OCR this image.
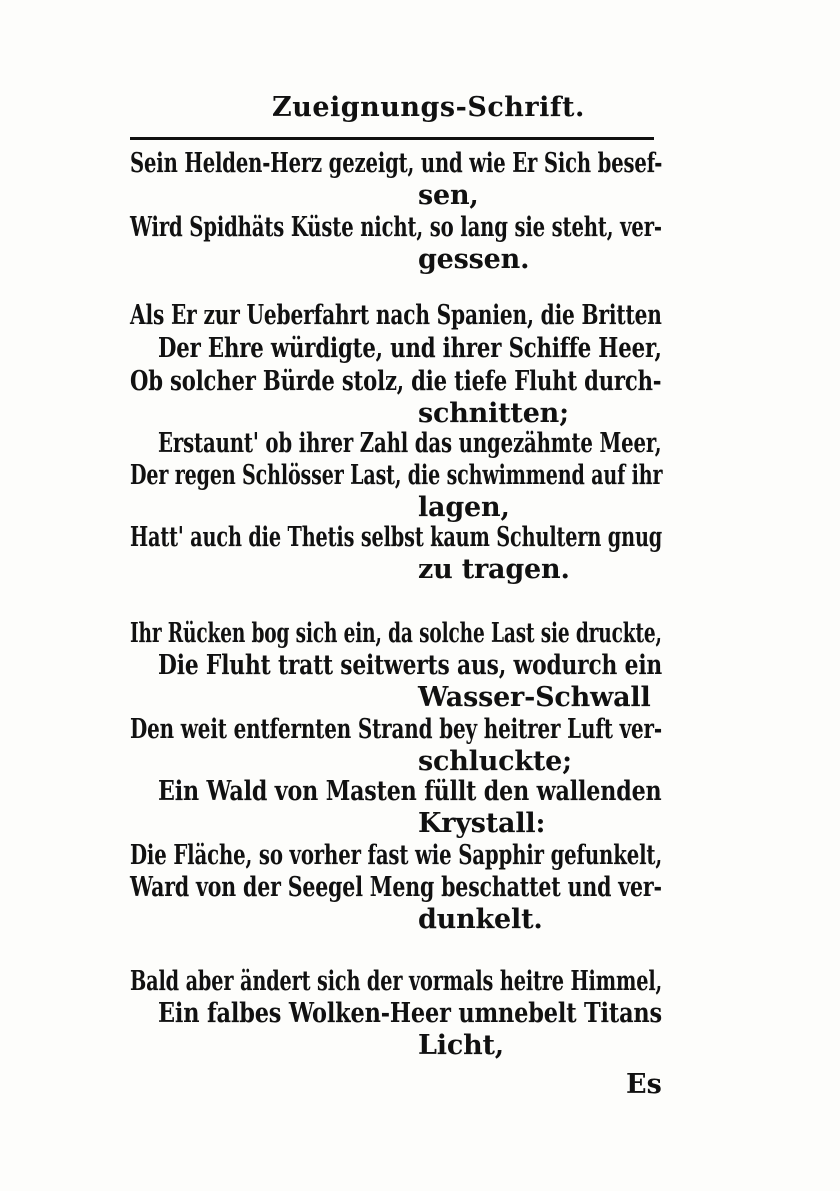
Zueignungs-Schrift.
Sein Helden-Herz gezeigt, und wie Er Sich besef-
sen,
Wird Spidhäts Küste nicht, so lang sie steht, ver-
gessen.
Als Er zur Ueberfahrt nach Spanien, die Britten
Der Ehre würdigte, und ihrer Schiffe Heer,
Ob solcher Bürde stolz, die tiefe Fluht durch-
schnitten;
Erstaunt' ob ihrer Zahl das ungezähmte Meer,
Der regen Schlösser Last, die schwimmend auf ihr
lagen,
Hatt' auch die Thetis selbst kaum Schultern gnug
zu tragen.
Ihr Rücken bog sich ein, da solche Last sie druckte,
Die Fluht tratt seitwerts aus, wodurch ein
Wasser-Schwall
Den weit entfernten Strand bey heitrer Luft ver-
schluckte;
Ein Wald von Masten füllt den wallenden
Krystall:
Die Fläche, so vorher fast wie Sapphir gefunkelt,
Ward von der Seegel Meng beschattet und ver-
dunkelt.
Bald aber ändert sich der vormals heitre Himmel,
Ein falbes Wolken-Heer umnebelt Titans
Licht,
Es
